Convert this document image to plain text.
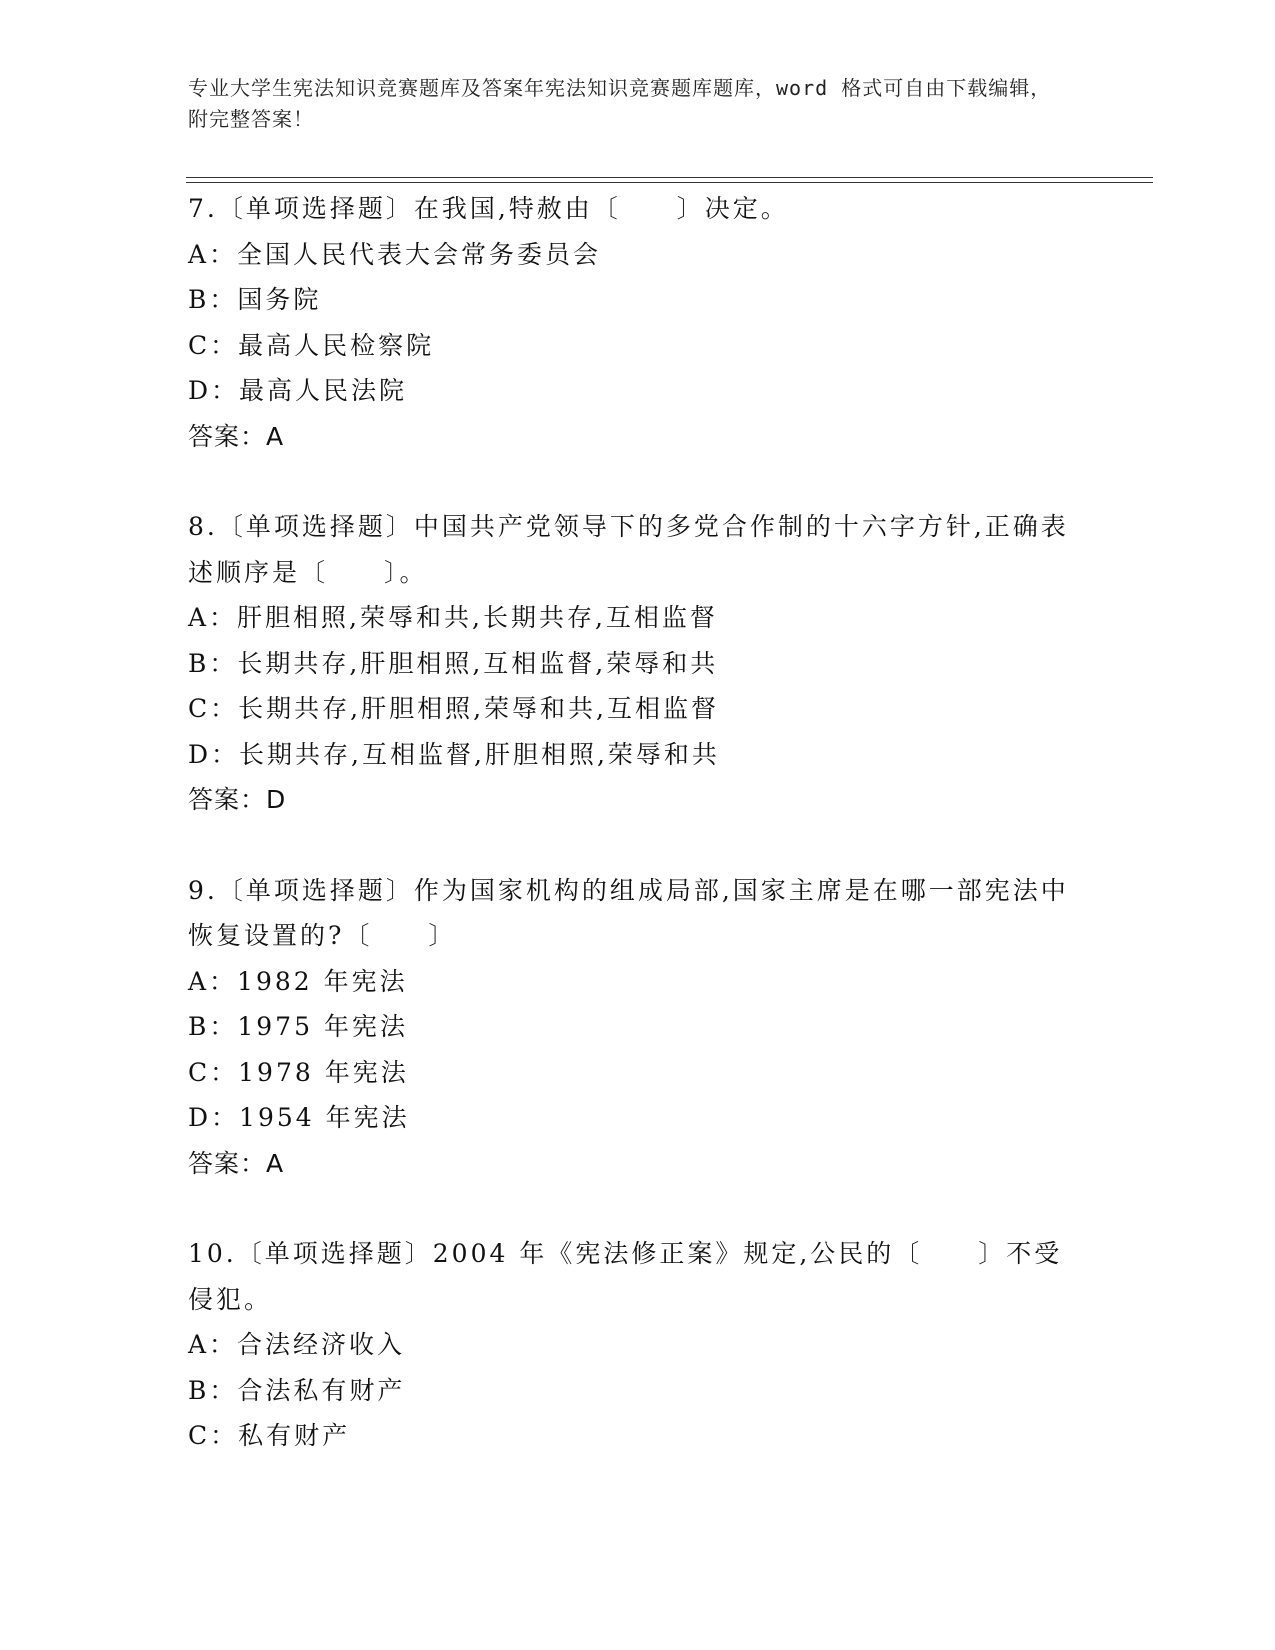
专业大学生宪法知识竞赛题库及答案年宪法知识竞赛题库题库，word 格式可自由下载编辑，附完整答案！
7.〔单项选择题〕在我国,特赦由〔　　〕决定。
A：全国人民代表大会常务委员会
B：国务院
C：最高人民检察院
D：最高人民法院
答案：A
8.〔单项选择题〕中国共产党领导下的多党合作制的十六字方针,正确表述顺序是〔　　〕。
A：肝胆相照,荣辱和共,长期共存,互相监督
B：长期共存,肝胆相照,互相监督,荣辱和共
C：长期共存,肝胆相照,荣辱和共,互相监督
D：长期共存,互相监督,肝胆相照,荣辱和共
答案：D
9.〔单项选择题〕作为国家机构的组成局部,国家主席是在哪一部宪法中恢复设置的?〔　　〕
A：1982 年宪法
B：1975 年宪法
C：1978 年宪法
D：1954 年宪法
答案：A
10.〔单项选择题〕2004 年《宪法修正案》规定,公民的〔　　〕不受侵犯。
A：合法经济收入
B：合法私有财产
C：私有财产
